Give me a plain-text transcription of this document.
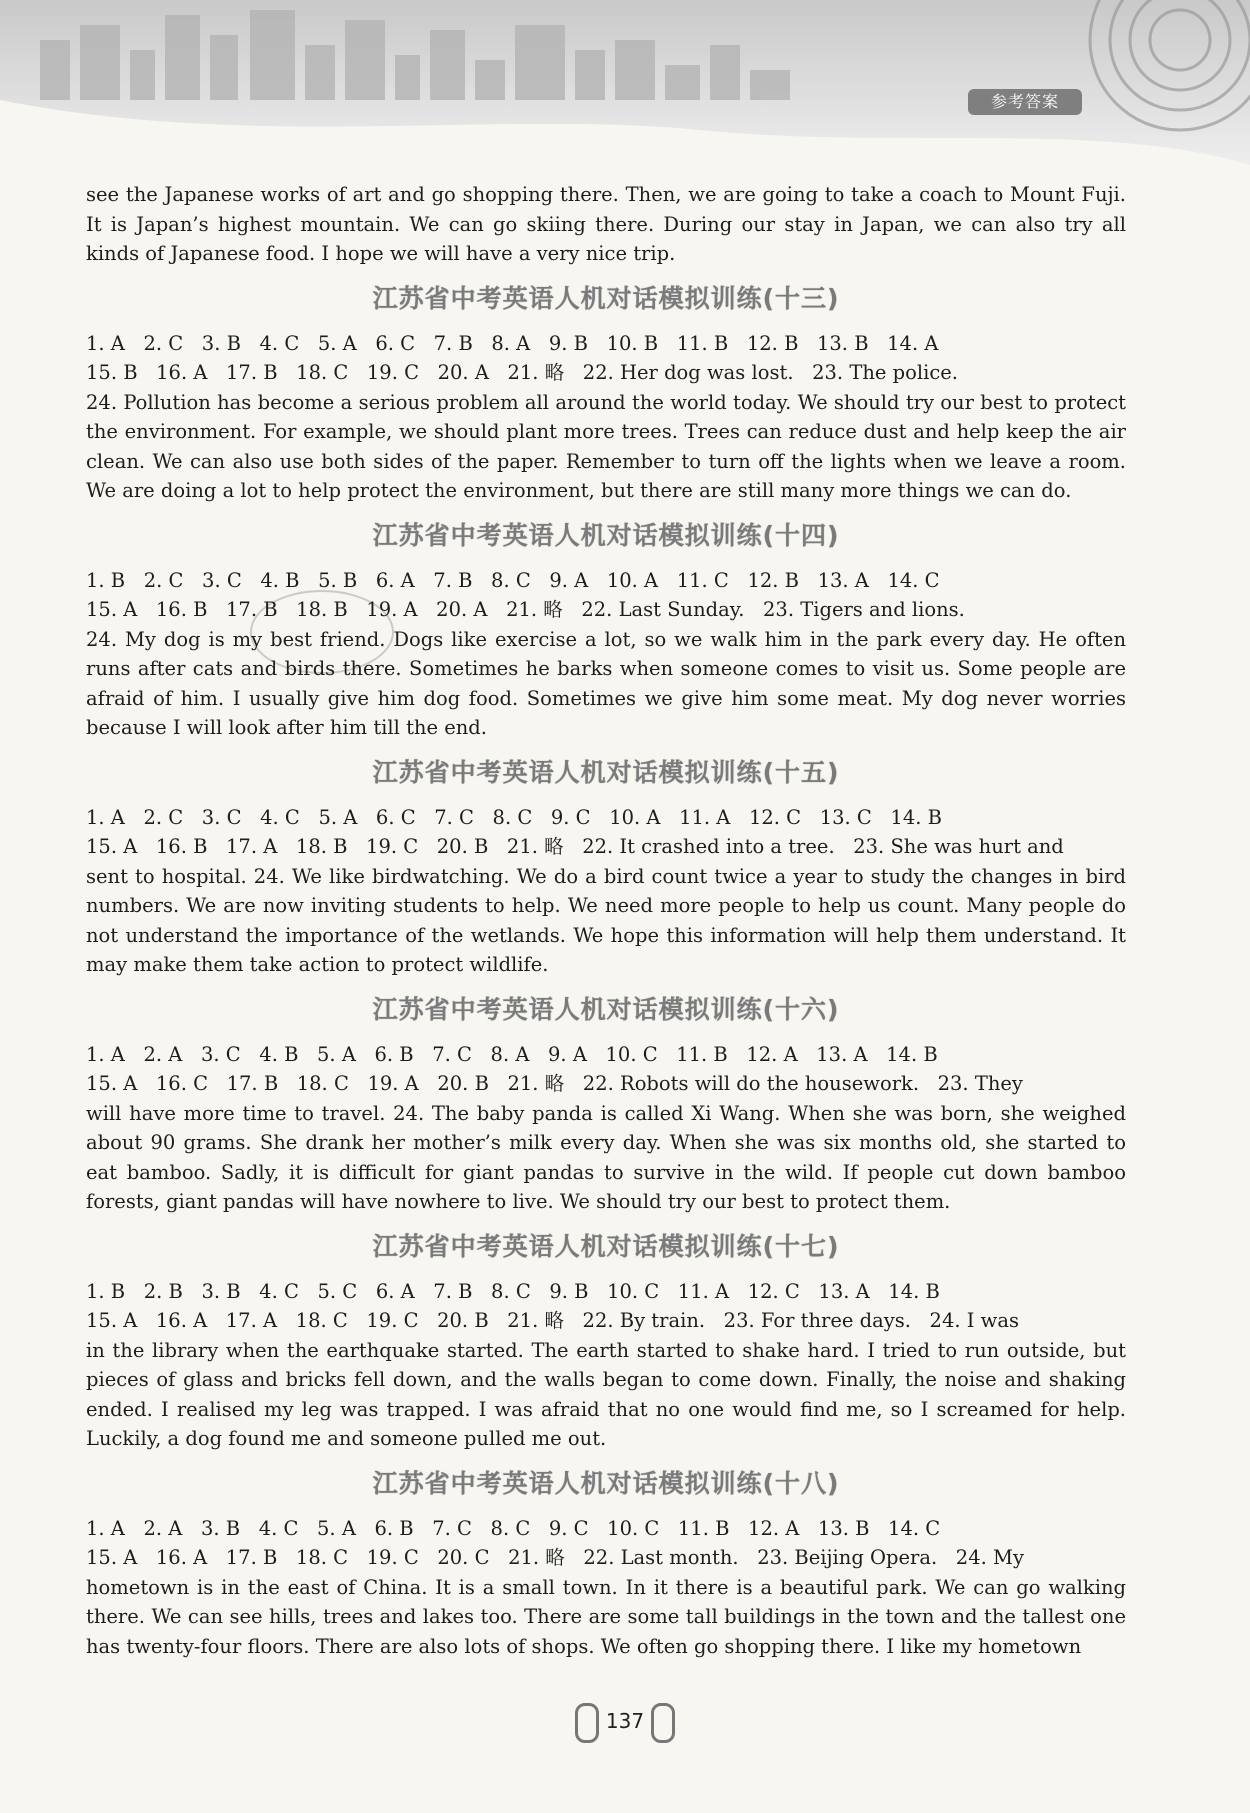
参考答案

see the Japanese works of art and go shopping there. Then, we are going to take a coach to Mount Fuji. It is Japan’s highest mountain. We can go skiing there. During our stay in Japan, we can also try all kinds of Japanese food. I hope we will have a very nice trip.

江苏省中考英语人机对话模拟训练(十三)
1. A   2. C   3. B   4. C   5. A   6. C   7. B   8. A   9. B   10. B   11. B   12. B   13. B   14. A
15. B   16. A   17. B   18. C   19. C   20. A   21. 略   22. Her dog was lost.   23. The police.

24. Pollution has become a serious problem all around the world today. We should try our best to protect the environment. For example, we should plant more trees. Trees can reduce dust and help keep the air clean. We can also use both sides of the paper. Remember to turn off the lights when we leave a room. We are doing a lot to help protect the environment, but there are still many more things we can do.

江苏省中考英语人机对话模拟训练(十四)
1. B   2. C   3. C   4. B   5. B   6. A   7. B   8. C   9. A   10. A   11. C   12. B   13. A   14. C
15. A   16. B   17. B   18. B   19. A   20. A   21. 略   22. Last Sunday.   23. Tigers and lions.

24. My dog is my best friend. Dogs like exercise a lot, so we walk him in the park every day. He often runs after cats and birds there. Sometimes he barks when someone comes to visit us. Some people are afraid of him. I usually give him dog food. Sometimes we give him some meat. My dog never worries because I will look after him till the end.

江苏省中考英语人机对话模拟训练(十五)
1. A   2. C   3. C   4. C   5. A   6. C   7. C   8. C   9. C   10. A   11. A   12. C   13. C   14. B
15. A   16. B   17. A   18. B   19. C   20. B   21. 略   22. It crashed into a tree.   23. She was hurt and

sent to hospital. 24. We like birdwatching. We do a bird count twice a year to study the changes in bird numbers. We are now inviting students to help. We need more people to help us count. Many people do not understand the importance of the wetlands. We hope this information will help them understand. It may make them take action to protect wildlife.

江苏省中考英语人机对话模拟训练(十六)
1. A   2. A   3. C   4. B   5. A   6. B   7. C   8. A   9. A   10. C   11. B   12. A   13. A   14. B
15. A   16. C   17. B   18. C   19. A   20. B   21. 略   22. Robots will do the housework.   23. They

will have more time to travel. 24. The baby panda is called Xi Wang. When she was born, she weighed about 90 grams. She drank her mother’s milk every day. When she was six months old, she started to eat bamboo. Sadly, it is difficult for giant pandas to survive in the wild. If people cut down bamboo forests, giant pandas will have nowhere to live. We should try our best to protect them.

江苏省中考英语人机对话模拟训练(十七)
1. B   2. B   3. B   4. C   5. C   6. A   7. B   8. C   9. B   10. C   11. A   12. C   13. A   14. B
15. A   16. A   17. A   18. C   19. C   20. B   21. 略   22. By train.   23. For three days.   24. I was

in the library when the earthquake started. The earth started to shake hard. I tried to run outside, but pieces of glass and bricks fell down, and the walls began to come down. Finally, the noise and shaking ended. I realised my leg was trapped. I was afraid that no one would find me, so I screamed for help. Luckily, a dog found me and someone pulled me out.

江苏省中考英语人机对话模拟训练(十八)
1. A   2. A   3. B   4. C   5. A   6. B   7. C   8. C   9. C   10. C   11. B   12. A   13. B   14. C
15. A   16. A   17. B   18. C   19. C   20. C   21. 略   22. Last month.   23. Beijing Opera.   24. My

hometown is in the east of China. It is a small town. In it there is a beautiful park. We can go walking there. We can see hills, trees and lakes too. There are some tall buildings in the town and the tallest one has twenty-four floors. There are also lots of shops. We often go shopping there. I like my hometown

137
